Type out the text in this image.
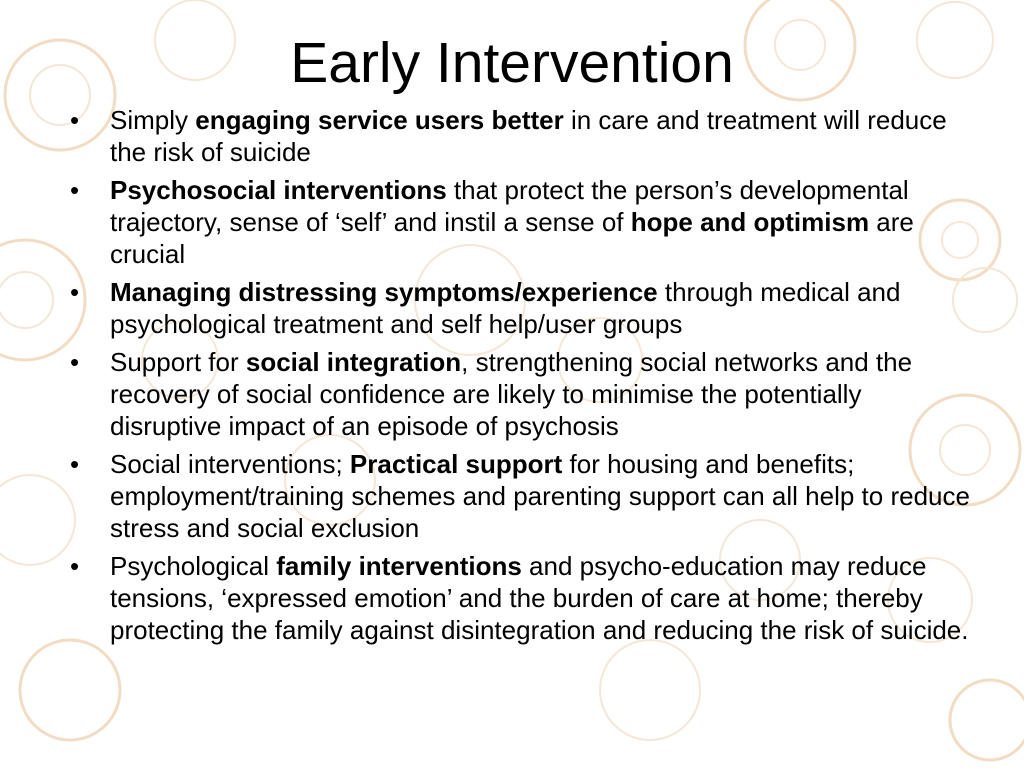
Early Intervention
• Simply engaging service users better in care and treatment will reduce the risk of suicide
• Psychosocial interventions that protect the person’s developmental trajectory, sense of ‘self’ and instil a sense of hope and optimism are crucial
• Managing distressing symptoms/experience through medical and psychological treatment and self help/user groups
• Support for social integration, strengthening social networks and the recovery of social confidence are likely to minimise the potentially disruptive impact of an episode of psychosis
• Social interventions; Practical support for housing and benefits; employment/training schemes and parenting support can all help to reduce stress and social exclusion
• Psychological family interventions and psycho-education may reduce tensions, ‘expressed emotion’ and the burden of care at home; thereby protecting the family against disintegration and reducing the risk of suicide.
